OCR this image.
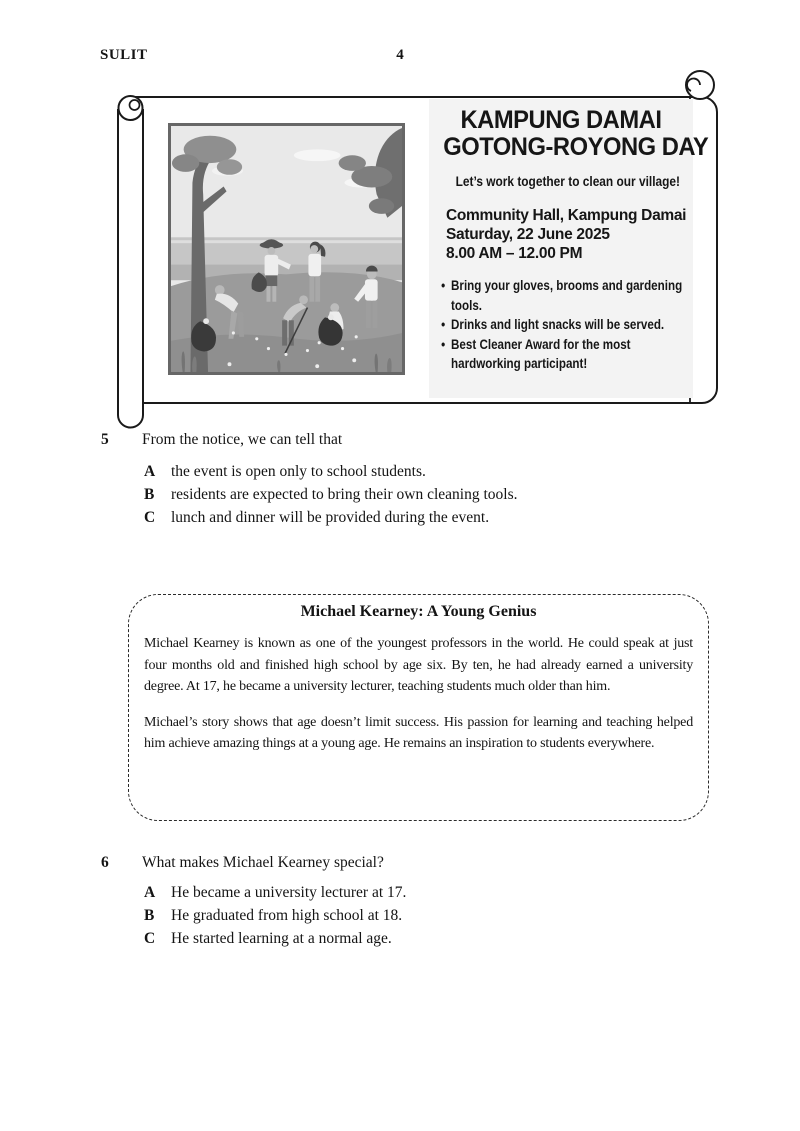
SULIT	4
KAMPUNG DAMAI
GOTONG-ROYONG DAY
Let’s work together to clean our village!
Community Hall, Kampung Damai
Saturday, 22 June 2025
8.00 AM – 12.00 PM
• Bring your gloves, brooms and gardening tools.
• Drinks and light snacks will be served.
• Best Cleaner Award for the most hardworking participant!
5 From the notice, we can tell that
A the event is open only to school students.
B residents are expected to bring their own cleaning tools.
C lunch and dinner will be provided during the event.
Michael Kearney: A Young Genius
Michael Kearney is known as one of the youngest professors in the world. He could speak at just four months old and finished high school by age six. By ten, he had already earned a university degree. At 17, he became a university lecturer, teaching students much older than him.
Michael’s story shows that age doesn’t limit success. His passion for learning and teaching helped him achieve amazing things at a young age. He remains an inspiration to students everywhere.
6 What makes Michael Kearney special?
A He became a university lecturer at 17.
B He graduated from high school at 18.
C He started learning at a normal age.
